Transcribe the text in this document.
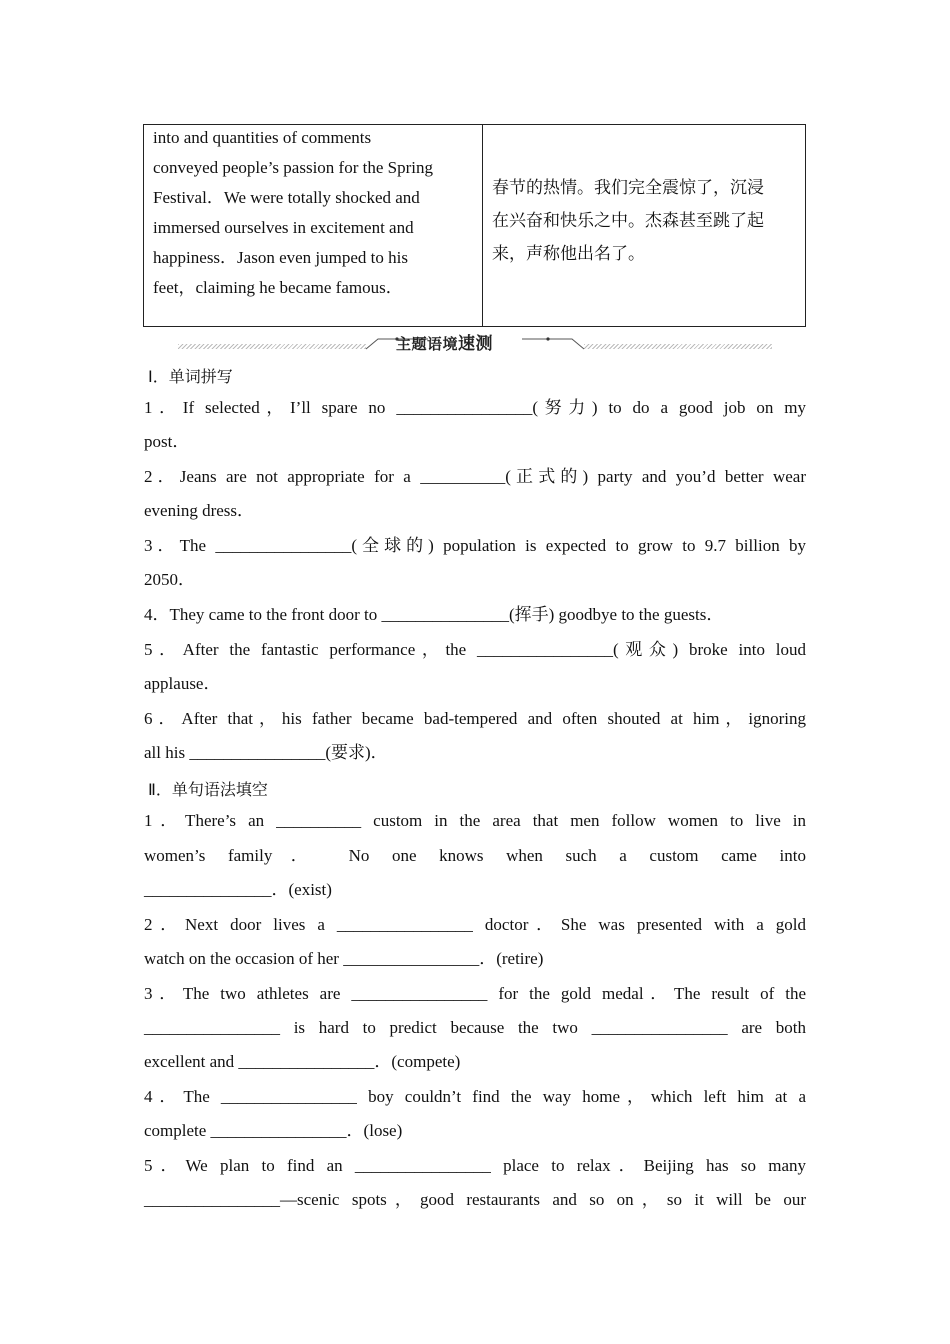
into and quantities of comments
conveyed people’s passion for the Spring
Festival．We were totally shocked and
immersed ourselves in excitement and
happiness．Jason even jumped to his
feet，claiming he became famous．
春节的热情。我们完全震惊了，沉浸
在兴奋和快乐之中。杰森甚至跳了起
来，声称他出名了。
主题语境速测
Ⅰ．单词拼写
1．If selected，I’ll spare no ________________(努力) to do a good job on my
post．
2．Jeans are not appropriate for a __________(正式的) party and you’d better wear
evening dress．
3．The ________________(全球的) population is expected to grow to 9.7 billion by
2050．
4．They came to the front door to _______________(挥手) goodbye to the guests．
5．After the fantastic performance，the ________________(观众) broke into loud
applause．
6．After that，his father became bad-tempered and often shouted at him，ignoring
all his ________________(要求)．
Ⅱ．单句语法填空
1．There’s an __________ custom in the area that men follow women to live in
women’s family． No one knows when such a custom came into
_______________．(exist)
2．Next door lives a ________________ doctor．She was presented with a gold
watch on the occasion of her ________________．(retire)
3．The two athletes are ________________ for the gold medal．The result of the
________________ is hard to predict because the two ________________ are both
excellent and ________________．(compete)
4．The ________________ boy couldn’t find the way home，which left him at a
complete ________________．(lose)
5．We plan to find an ________________ place to relax．Beijing has so many
________________—scenic spots，good restaurants and so on，so it will be our
